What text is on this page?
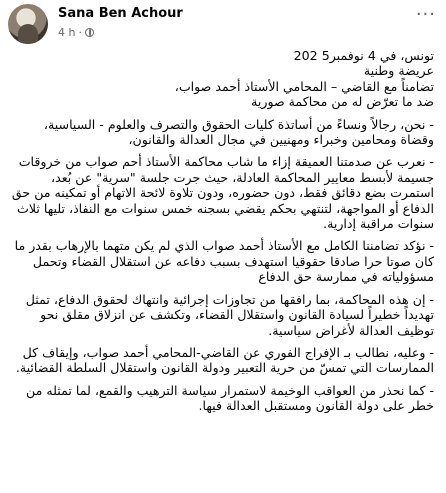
Sana Ben Achour
4 h ·
···

تونس، في 4 نوفمبر5 202

عريضة وطنية

تضامناً مع القاضي – المحامي الأستاذ أحمد صواب،

ضد ما تعرّض له من محاكمة صورية

- نحن، رجالاً ونساءً من أساتذة كليات الحقوق والتصرف والعلوم - السياسية، وقضاة ومحامين وخبراء ومهنيين في مجال العدالة والقانون،

- نعرب عن صدمتنا العميقة إزاء ما شاب محاكمة الأستاذ أحم صواب من خروقات جسيمة لأبسط معايير المحاكمة العادلة، حيث جرت جلسة "سرية" عن بُعد، استمرت بضع دقائق فقط، دون حضوره، ودون تلاوة لائحة الاتهام أو تمكينه من حق الدفاع أو المواجهة، لتنتهي بحكم يقضي بسجنه خمس سنوات مع النفاذ، تليها ثلاث سنوات مراقبة إدارية.

- نؤكد تضامننا الكامل مع الأستاذ أحمد صواب الذي لم يكن متهما بالإرهاب بقدر ما كان صوتا حرا صادقا حقوقيا استهدف بسبب دفاعه عن استقلال القضاء وتحمل مسؤولياته في ممارسة حق الدفاع

- إن هذه المحاكمة، بما رافقها من تجاوزات إجرائية وانتهاك لحقوق الدفاع، تمثل تهديداً خطيراً لسيادة القانون واستقلال القضاء، وتكشف عن انزلاق مقلق نحو توظيف العدالة لأغراض سياسية.

- وعليه، نطالب بـ الإفراج الفوري عن القاضي-المحامي أحمد صواب، وإيقاف كل الممارسات التي تمسّ من حرية التعبير ودولة القانون واستقلال السلطة القضائية.

- كما نحذر من العواقب الوخيمة لاستمرار سياسة الترهيب والقمع، لما تمثله من خطر على دولة القانون ومستقبل العدالة فيها.
